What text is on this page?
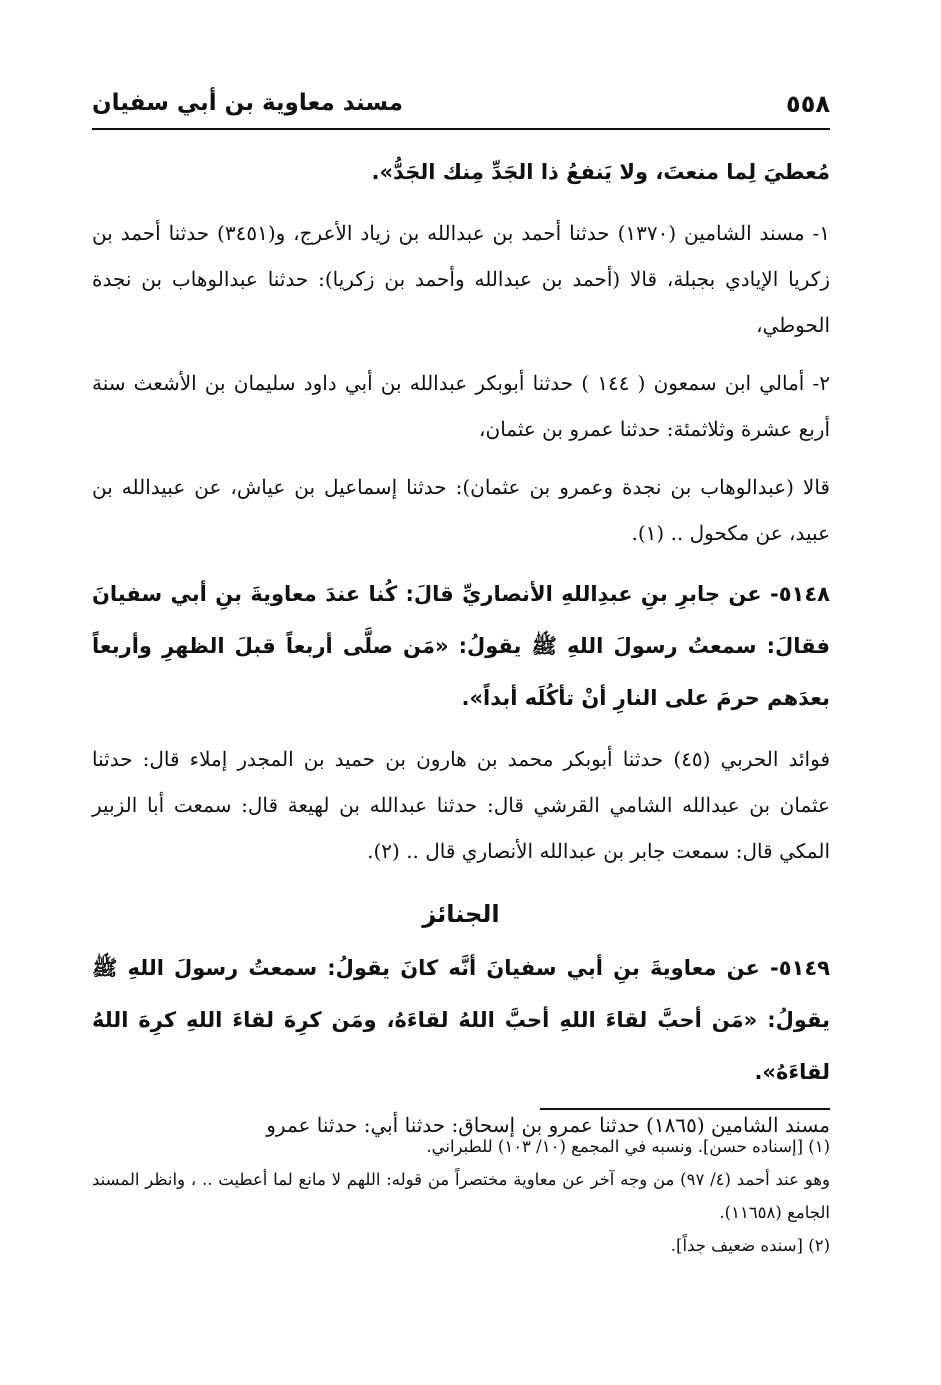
٥٥٨
مسند معاوية بن أبي سفيان

مُعطيَ لِما منعتَ، ولا يَنفعُ ذا الجَدِّ مِنك الجَدُّ».

١- مسند الشامين (١٣٧٠) حدثنا أحمد بن عبدالله بن زياد الأعرج، و(٣٤٥١) حدثنا أحمد بن زكريا الإيادي بجبلة، قالا (أحمد بن عبدالله وأحمد بن زكريا): حدثنا عبدالوهاب بن نجدة الحوطي،

٢- أمالي ابن سمعون ( ١٤٤ ) حدثنا أبوبكر عبدالله بن أبي داود سليمان بن الأشعث سنة أربع عشرة وثلاثمئة: حدثنا عمرو بن عثمان،

قالا (عبدالوهاب بن نجدة وعمرو بن عثمان): حدثنا إسماعيل بن عياش، عن عبيدالله بن عبيد، عن مكحول .. (١).

٥١٤٨- عن جابرِ بنِ عبدِاللهِ الأنصاريِّ قالَ: كُنا عندَ معاويةَ بنِ أبي سفيانَ فقالَ: سمعتُ رسولَ اللهِ ﷺ يقولُ: «مَن صلَّى أربعاً قبلَ الظهرِ وأربعاً بعدَهم حرمَ على النارِ أنْ تأكُلَه أبداً».

فوائد الحربي (٤٥) حدثنا أبوبكر محمد بن هارون بن حميد بن المجدر إملاء قال: حدثنا عثمان بن عبدالله الشامي القرشي قال: حدثنا عبدالله بن لهيعة قال: سمعت أبا الزبير المكي قال: سمعت جابر بن عبدالله الأنصاري قال .. (٢).

الجنائز

٥١٤٩- عن معاويةَ بنِ أبي سفيانَ أنَّه كانَ يقولُ: سمعتُ رسولَ اللهِ ﷺ يقولُ: «مَن أحبَّ لقاءَ اللهِ أحبَّ اللهُ لقاءَهُ، ومَن كرِهَ لقاءَ اللهِ كرِهَ اللهُ لقاءَهُ».

مسند الشامين (١٨٦٥) حدثنا عمرو بن إسحاق: حدثنا أبي: حدثنا عمرو

(١) [إسناده حسن]. ونسبه في المجمع (١٠/ ١٠٣) للطبراني.

وهو عند أحمد (٤/ ٩٧) من وجه آخر عن معاوية مختصراً من قوله: اللهم لا مانع لما أعطيت .. ، وانظر المسند الجامع (١١٦٥٨).

(٢) [سنده ضعيف جداً].
